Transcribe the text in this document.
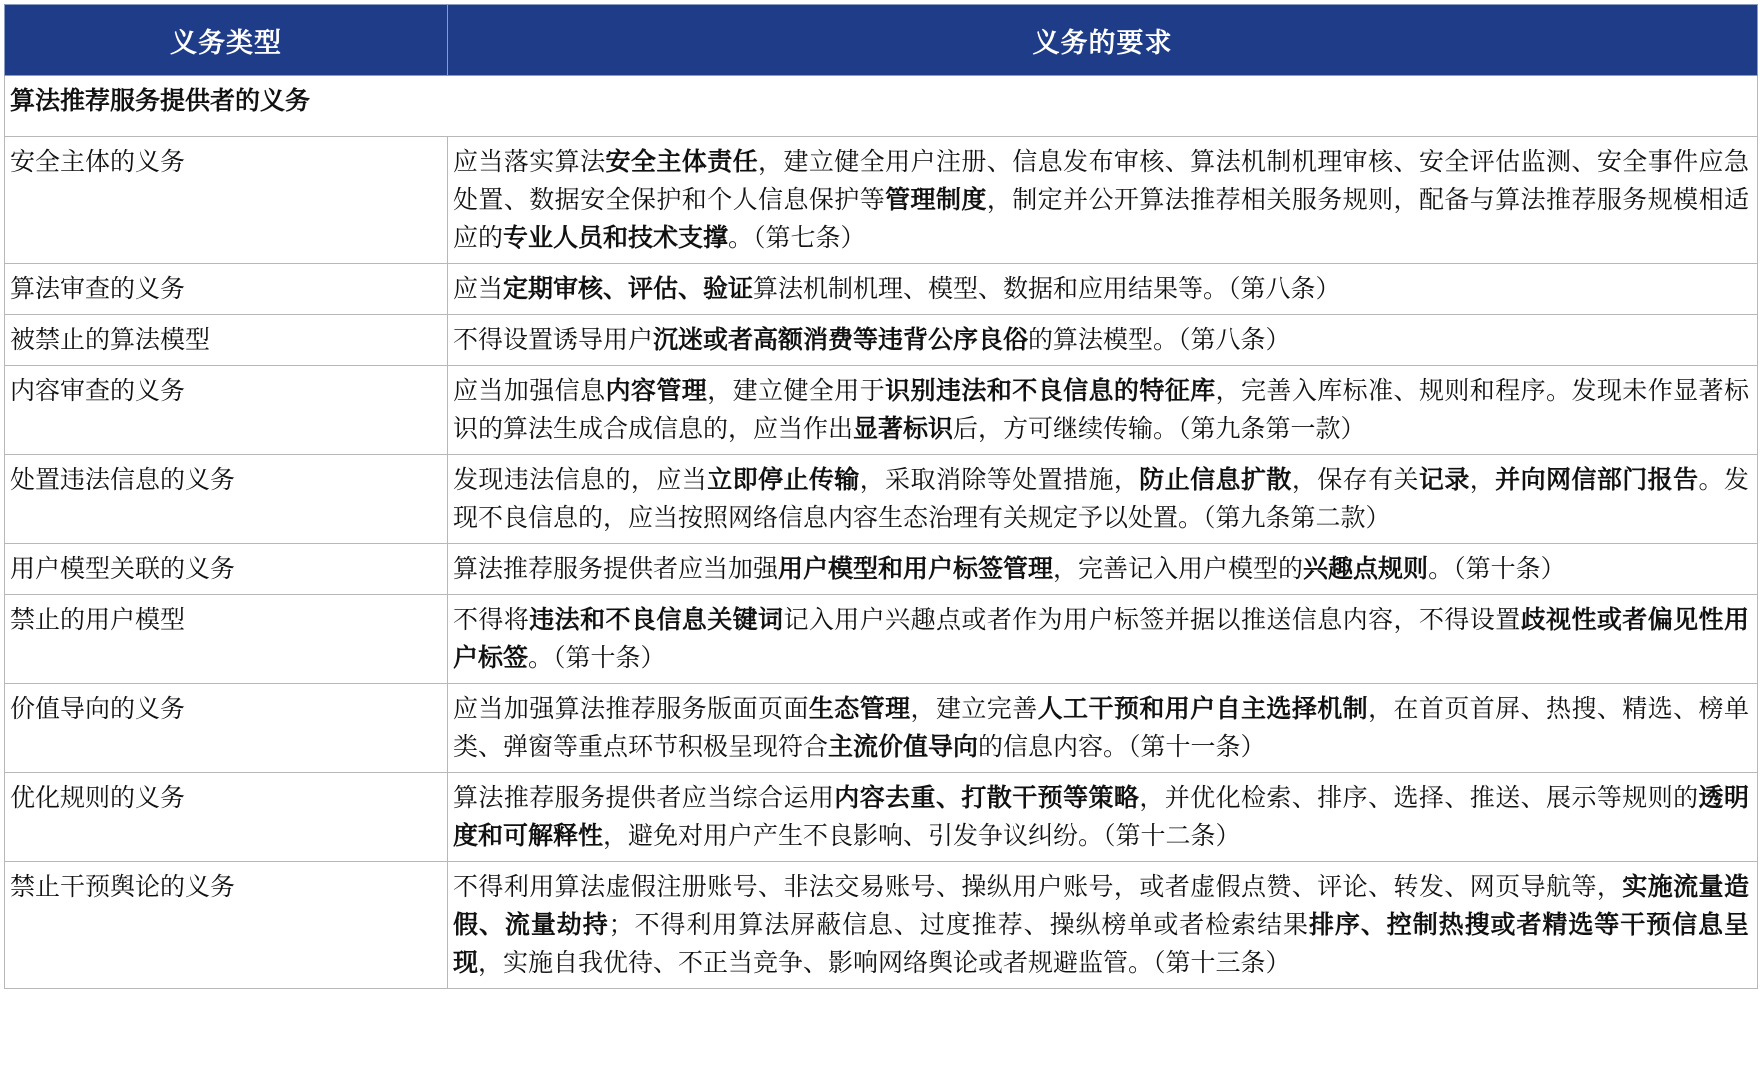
义务类型	义务的要求
算法推荐服务提供者的义务	
安全主体的义务	应当落实算法安全主体责任，建立健全用户注册、信息发布审核、算法机制机理审核、安全评估监测、安全事件应急处置、数据安全保护和个人信息保护等管理制度，制定并公开算法推荐相关服务规则，配备与算法推荐服务规模相适应的专业人员和技术支撑。（第七条）
算法审查的义务	应当定期审核、评估、验证算法机制机理、模型、数据和应用结果等。（第八条）
被禁止的算法模型	不得设置诱导用户沉迷或者高额消费等违背公序良俗的算法模型。（第八条）
内容审查的义务	应当加强信息内容管理，建立健全用于识别违法和不良信息的特征库，完善入库标准、规则和程序。发现未作显著标识的算法生成合成信息的，应当作出显著标识后，方可继续传输。（第九条第一款）
处置违法信息的义务	发现违法信息的，应当立即停止传输，采取消除等处置措施，防止信息扩散，保存有关记录，并向网信部门报告。发现不良信息的，应当按照网络信息内容生态治理有关规定予以处置。（第九条第二款）
用户模型关联的义务	算法推荐服务提供者应当加强用户模型和用户标签管理，完善记入用户模型的兴趣点规则。（第十条）
禁止的用户模型	不得将违法和不良信息关键词记入用户兴趣点或者作为用户标签并据以推送信息内容，不得设置歧视性或者偏见性用户标签。（第十条）
价值导向的义务	应当加强算法推荐服务版面页面生态管理，建立完善人工干预和用户自主选择机制，在首页首屏、热搜、精选、榜单类、弹窗等重点环节积极呈现符合主流价值导向的信息内容。（第十一条）
优化规则的义务	算法推荐服务提供者应当综合运用内容去重、打散干预等策略，并优化检索、排序、选择、推送、展示等规则的透明度和可解释性，避免对用户产生不良影响、引发争议纠纷。（第十二条）
禁止干预舆论的义务	不得利用算法虚假注册账号、非法交易账号、操纵用户账号，或者虚假点赞、评论、转发、网页导航等，实施流量造假、流量劫持；不得利用算法屏蔽信息、过度推荐、操纵榜单或者检索结果排序、控制热搜或者精选等干预信息呈现，实施自我优待、不正当竞争、影响网络舆论或者规避监管。（第十三条）
